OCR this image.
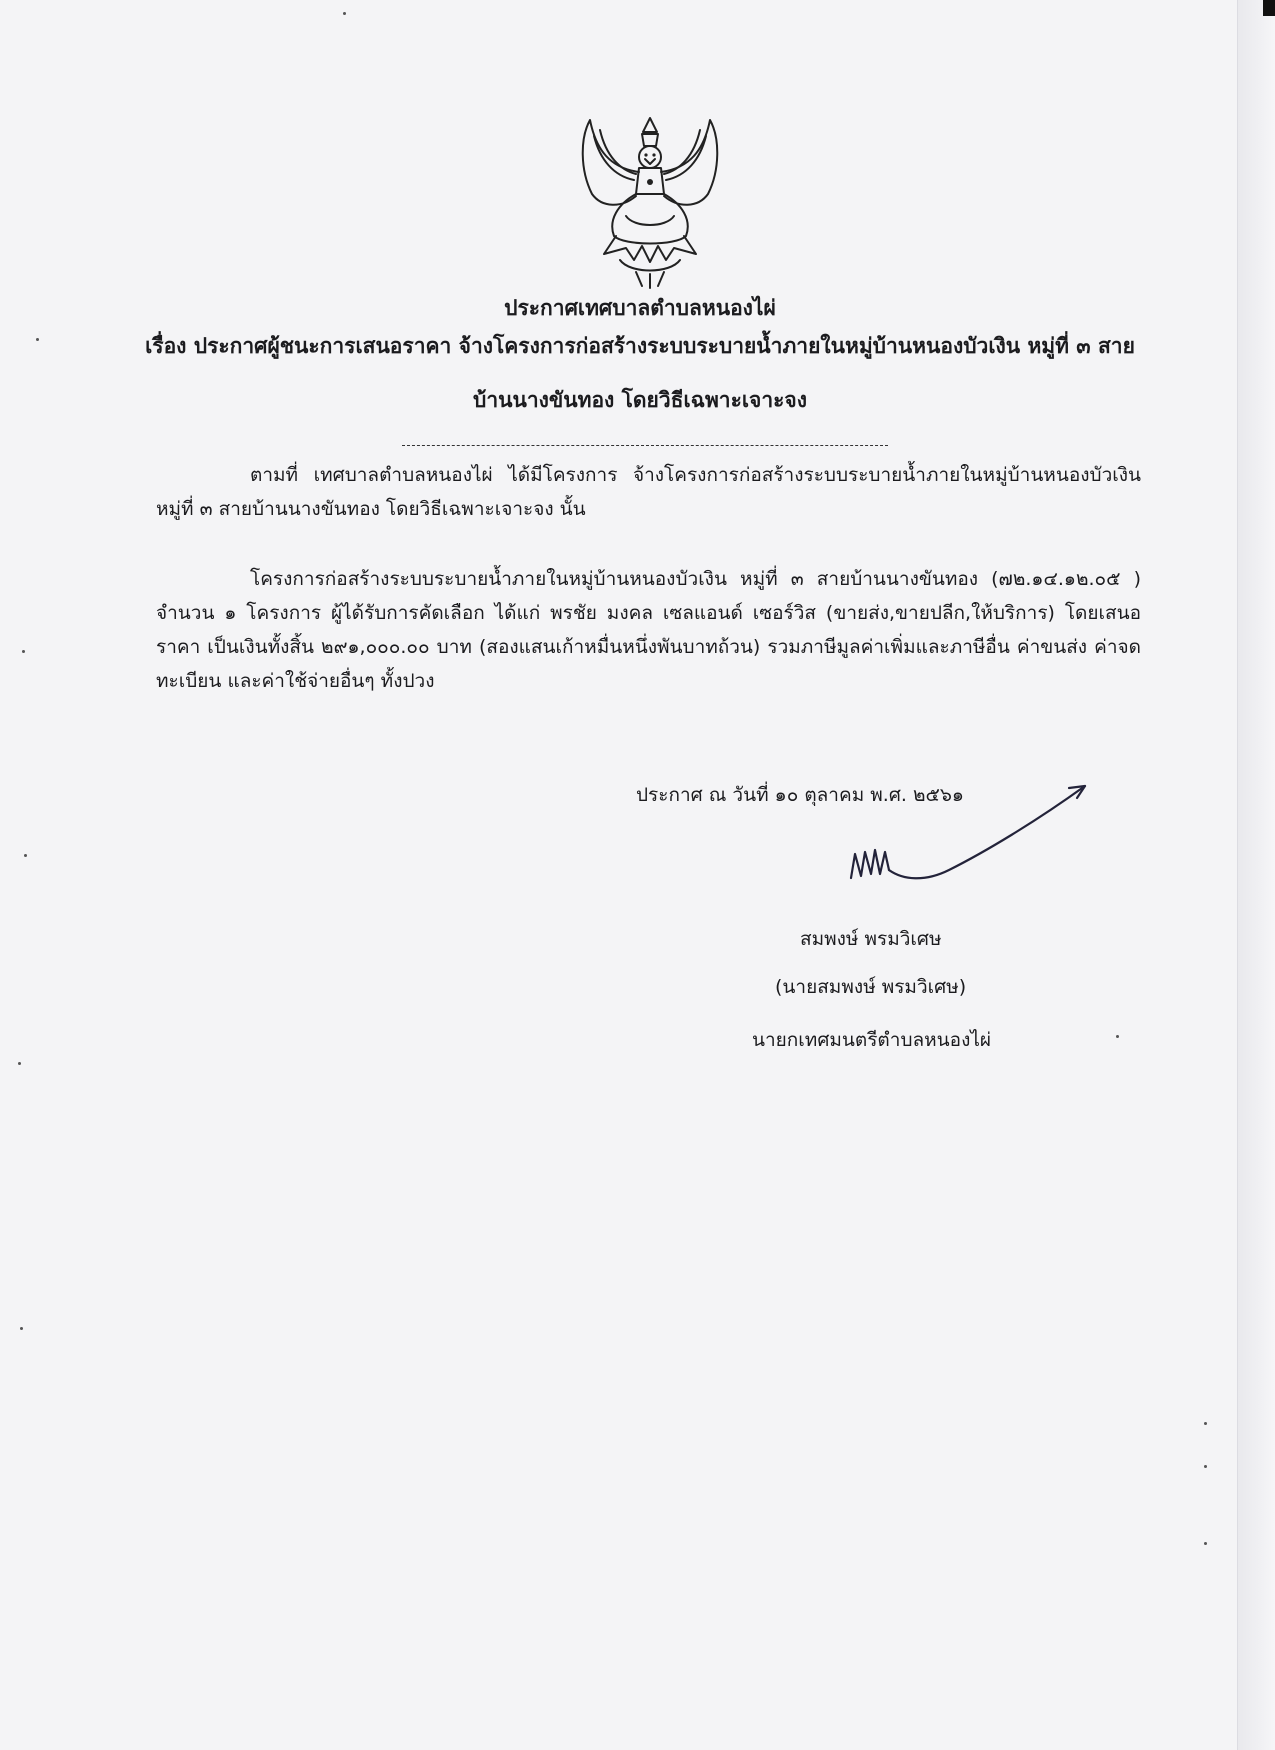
ประกาศเทศบาลตำบลหนองไผ่

เรื่อง ประกาศผู้ชนะการเสนอราคา จ้างโครงการก่อสร้างระบบระบายน้ำภายในหมู่บ้านหนองบัวเงิน หมู่ที่ ๓ สาย

บ้านนางขันทอง โดยวิธีเฉพาะเจาะจง

ตามที่ เทศบาลตำบลหนองไผ่ ได้มีโครงการ จ้างโครงการก่อสร้างระบบระบายน้ำภายในหมู่บ้านหนองบัวเงิน หมู่ที่ ๓ สายบ้านนางขันทอง โดยวิธีเฉพาะเจาะจง นั้น

โครงการก่อสร้างระบบระบายน้ำภายในหมู่บ้านหนองบัวเงิน หมู่ที่ ๓ สายบ้านนางขันทอง (๗๒.๑๔.๑๒.๐๕ ) จำนวน ๑ โครงการ ผู้ได้รับการคัดเลือก ได้แก่ พรชัย มงคล เซลแอนด์ เซอร์วิส (ขายส่ง,ขายปลีก,ให้บริการ) โดยเสนอราคา เป็นเงินทั้งสิ้น ๒๙๑,๐๐๐.๐๐ บาท (สองแสนเก้าหมื่นหนึ่งพันบาทถ้วน) รวมภาษีมูลค่าเพิ่มและภาษีอื่น ค่าขนส่ง ค่าจดทะเบียน และค่าใช้จ่ายอื่นๆ ทั้งปวง

ประกาศ ณ วันที่ ๑๐ ตุลาคม พ.ศ. ๒๕๖๑
สมพงษ์ พรมวิเศษ
(นายสมพงษ์ พรมวิเศษ)
นายกเทศมนตรีตำบลหนองไผ่
